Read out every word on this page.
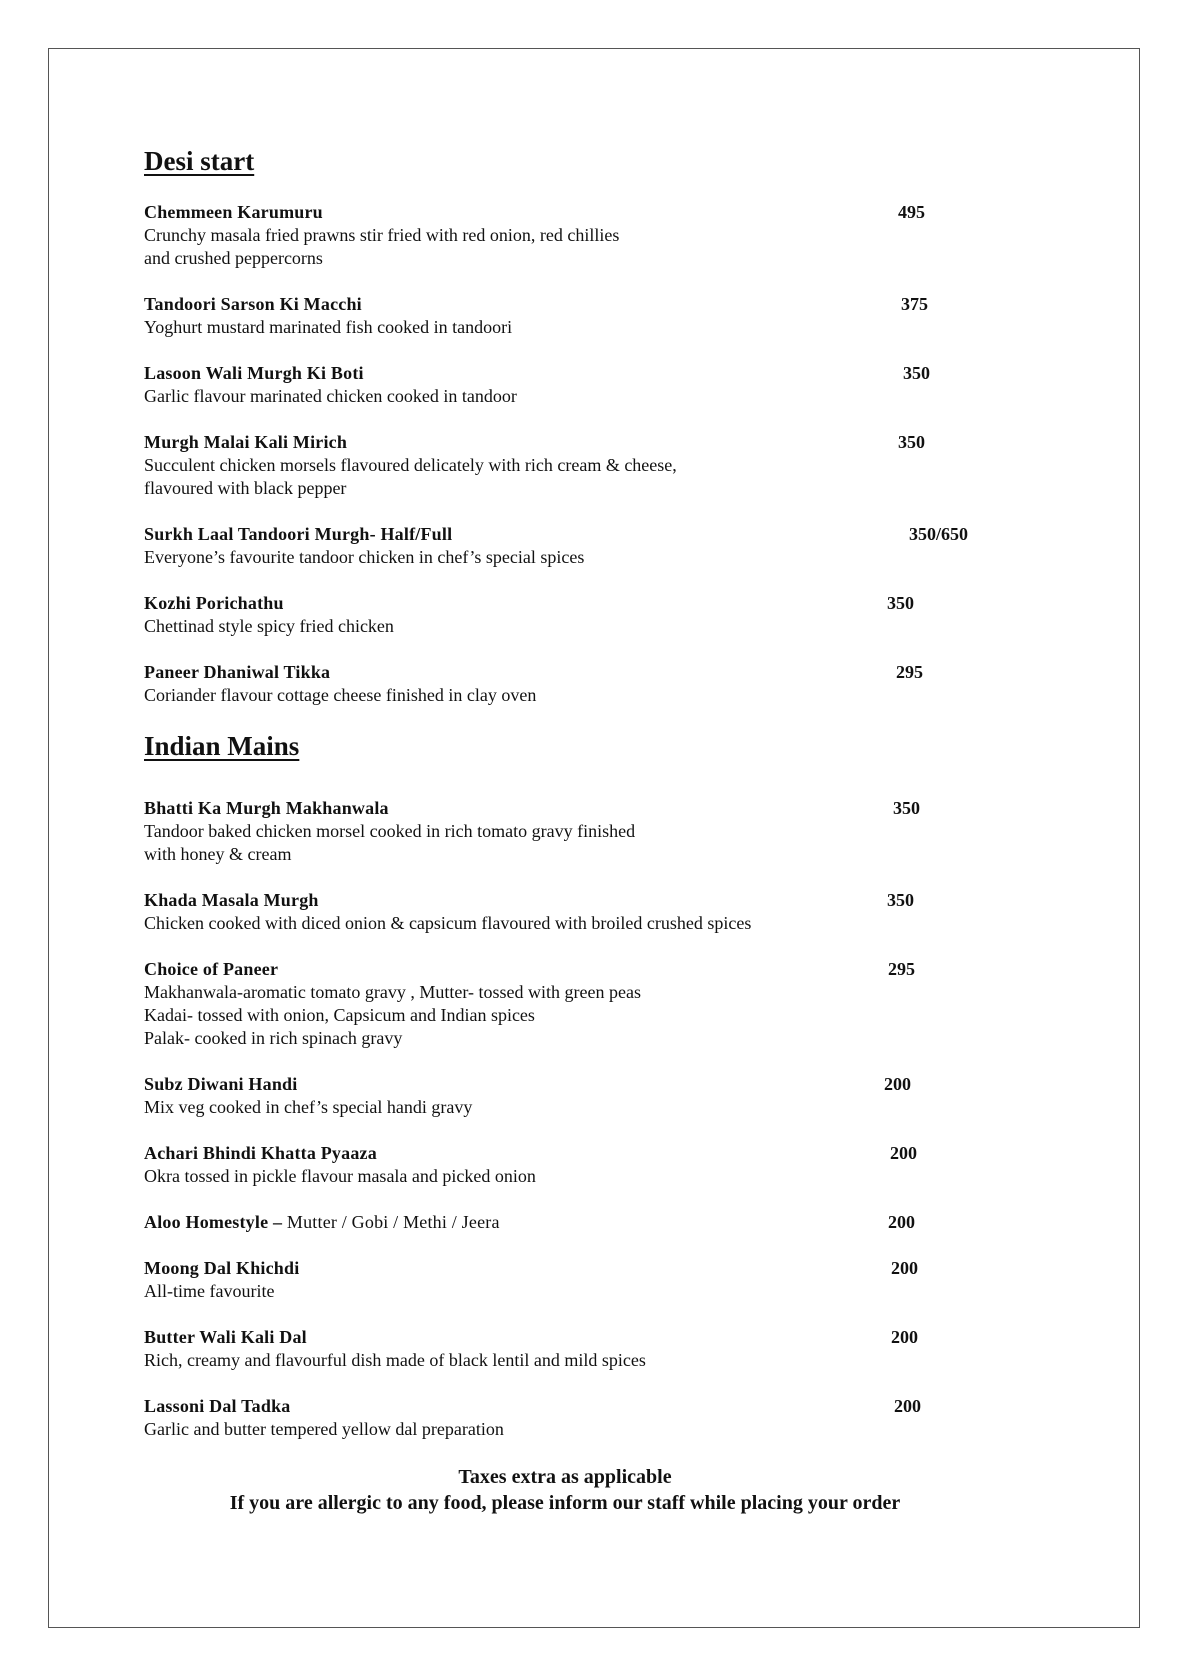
Desi start
Chemmeen Karumuru	495
Crunchy masala fried prawns stir fried with red onion, red chillies
and crushed peppercorns
Tandoori Sarson Ki Macchi	375
Yoghurt mustard marinated fish cooked in tandoori
Lasoon Wali Murgh Ki Boti	350
Garlic flavour marinated chicken cooked in tandoor
Murgh Malai Kali Mirich	350
Succulent chicken morsels flavoured delicately with rich cream & cheese,
flavoured with black pepper
Surkh Laal Tandoori Murgh- Half/Full	350/650
Everyone’s favourite tandoor chicken in chef’s special spices
Kozhi Porichathu	350
Chettinad style spicy fried chicken
Paneer Dhaniwal Tikka	295
Coriander flavour cottage cheese finished in clay oven
Indian Mains
Bhatti Ka Murgh Makhanwala	350
Tandoor baked chicken morsel cooked in rich tomato gravy finished
with honey & cream
Khada Masala Murgh	350
Chicken cooked with diced onion & capsicum flavoured with broiled crushed spices
Choice of Paneer	295
Makhanwala-aromatic tomato gravy , Mutter- tossed with green peas
Kadai- tossed with onion, Capsicum and Indian spices
Palak- cooked in rich spinach gravy
Subz Diwani Handi	200
Mix veg cooked in chef’s special handi gravy
Achari Bhindi Khatta Pyaaza	200
Okra tossed in pickle flavour masala and picked onion
Aloo Homestyle – Mutter / Gobi / Methi / Jeera	200
Moong Dal Khichdi	200
All-time favourite
Butter Wali Kali Dal	200
Rich, creamy and flavourful dish made of black lentil and mild spices
Lassoni Dal Tadka	200
Garlic and butter tempered yellow dal preparation
Taxes extra as applicable
If you are allergic to any food, please inform our staff while placing your order
